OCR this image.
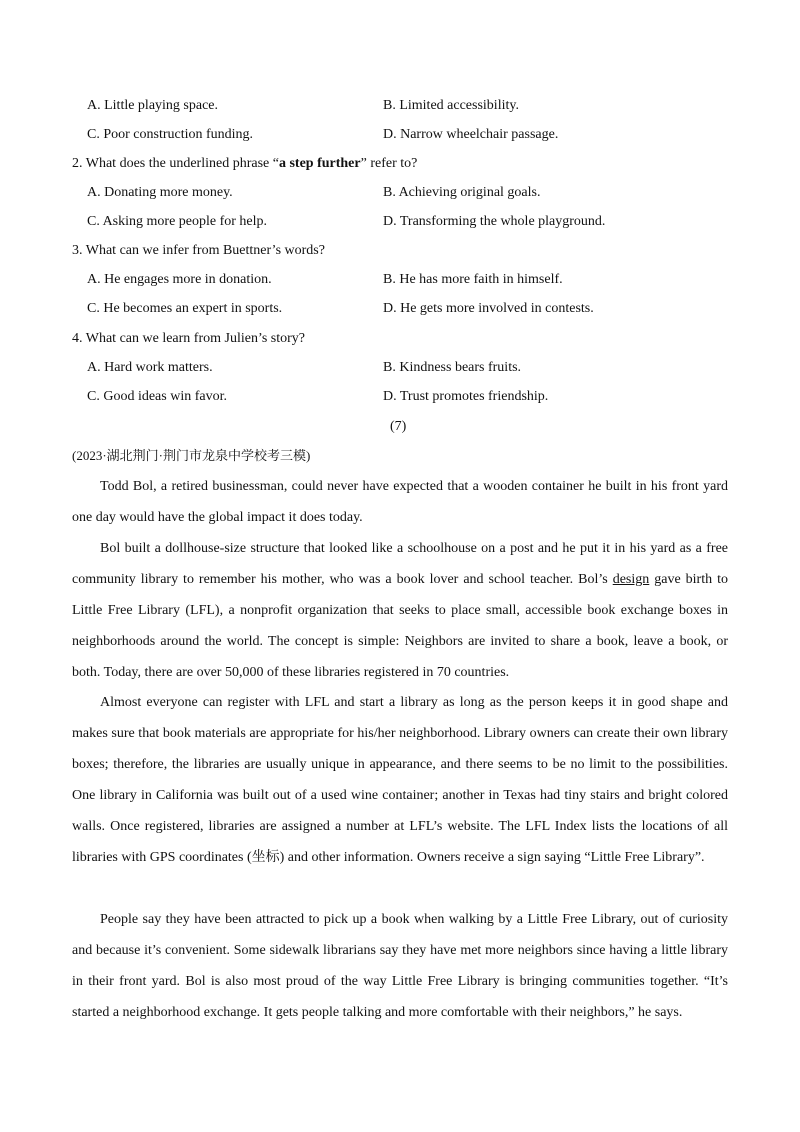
A. Little playing space.	B. Limited accessibility.
C. Poor construction funding.	D. Narrow wheelchair passage.
2. What does the underlined phrase “a step further” refer to?
A. Donating more money.	B. Achieving original goals.
C. Asking more people for help.	D. Transforming the whole playground.
3. What can we infer from Buettner’s words?
A. He engages more in donation.	B. He has more faith in himself.
C. He becomes an expert in sports.	D. He gets more involved in contests.
4. What can we learn from Julien’s story?
A. Hard work matters.	B. Kindness bears fruits.
C. Good ideas win favor.	D. Trust promotes friendship.
(7)
(2023·湖北荆门·荆门市龙泉中学校考三模)

Todd Bol, a retired businessman, could never have expected that a wooden container he built in his front yard one day would have the global impact it does today.

Bol built a dollhouse-size structure that looked like a schoolhouse on a post and he put it in his yard as a free community library to remember his mother, who was a book lover and school teacher. Bol’s design gave birth to Little Free Library (LFL), a nonprofit organization that seeks to place small, accessible book exchange boxes in neighborhoods around the world. The concept is simple: Neighbors are invited to share a book, leave a book, or both. Today, there are over 50,000 of these libraries registered in 70 countries.

Almost everyone can register with LFL and start a library as long as the person keeps it in good shape and makes sure that book materials are appropriate for his/her neighborhood. Library owners can create their own library boxes; therefore, the libraries are usually unique in appearance, and there seems to be no limit to the possibilities. One library in California was built out of a used wine container; another in Texas had tiny stairs and bright colored walls. Once registered, libraries are assigned a number at LFL’s website. The LFL Index lists the locations of all libraries with GPS coordinates (坐标) and other information. Owners receive a sign saying “Little Free Library”.

People say they have been attracted to pick up a book when walking by a Little Free Library, out of curiosity and because it’s convenient. Some sidewalk librarians say they have met more neighbors since having a little library in their front yard. Bol is also most proud of the way Little Free Library is bringing communities together. “It’s started a neighborhood exchange. It gets people talking and more comfortable with their neighbors,” he says.
